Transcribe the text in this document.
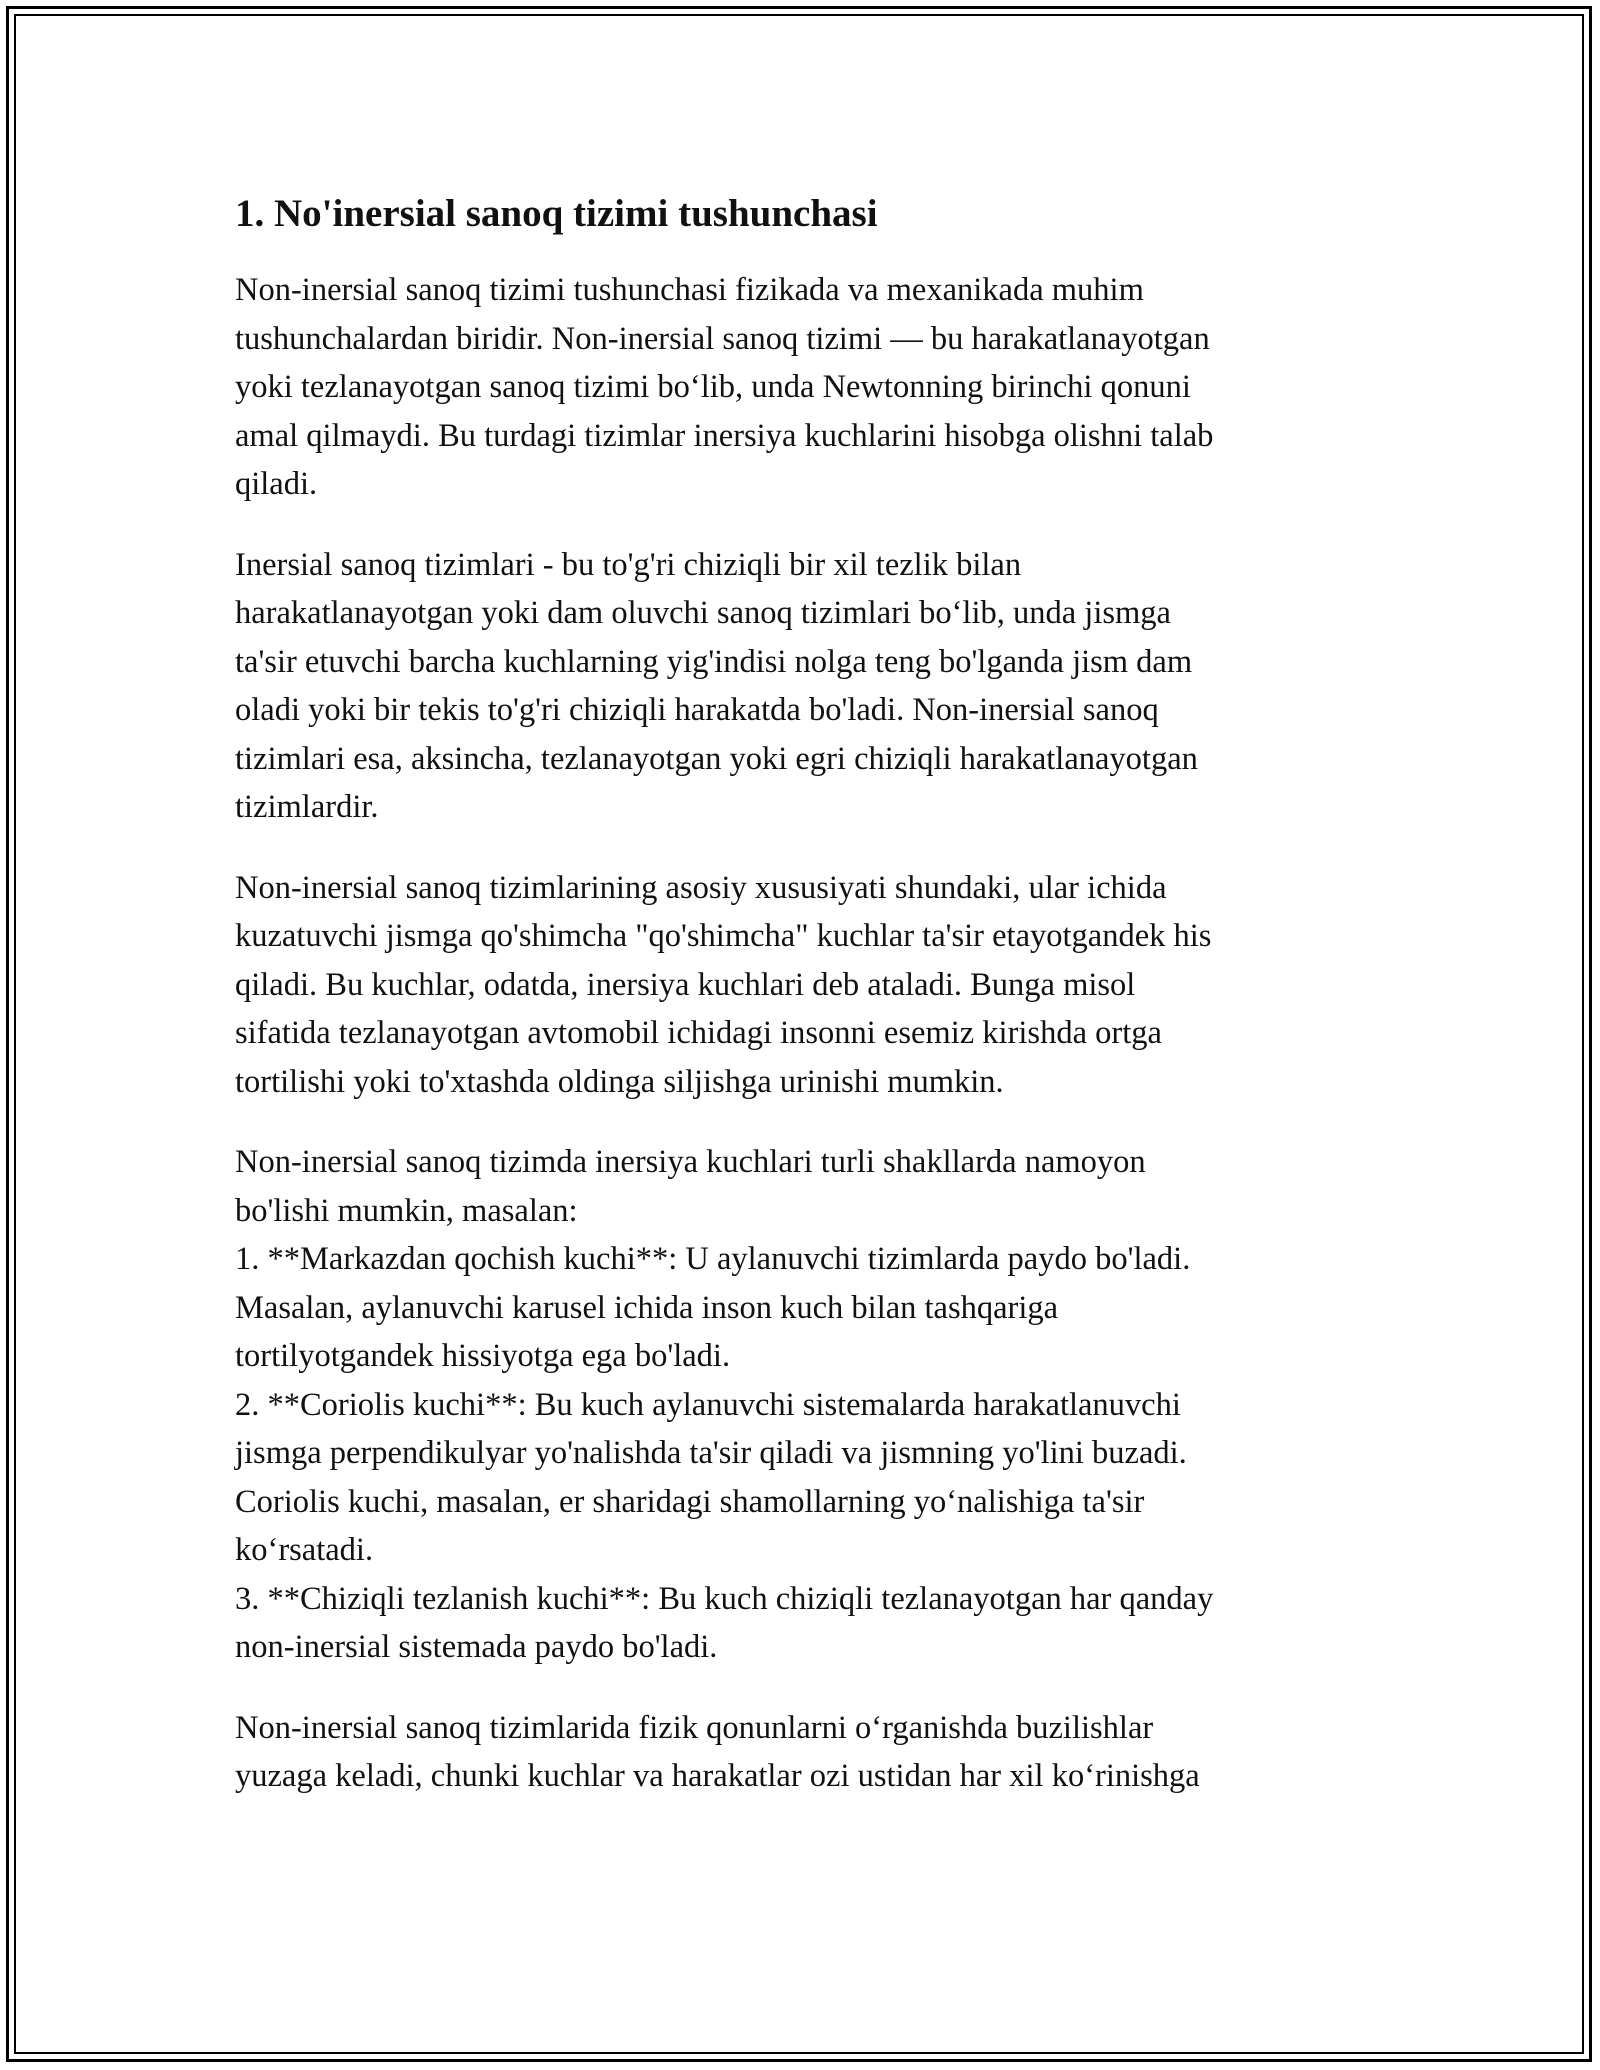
1. No'inersial sanoq tizimi tushunchasi

Non-inersial sanoq tizimi tushunchasi fizikada va mexanikada muhim
tushunchalardan biridir. Non-inersial sanoq tizimi — bu harakatlanayotgan
yoki tezlanayotgan sanoq tizimi bo‘lib, unda Newtonning birinchi qonuni
amal qilmaydi. Bu turdagi tizimlar inersiya kuchlarini hisobga olishni talab
qiladi.

Inersial sanoq tizimlari - bu to'g'ri chiziqli bir xil tezlik bilan
harakatlanayotgan yoki dam oluvchi sanoq tizimlari bo‘lib, unda jismga
ta'sir etuvchi barcha kuchlarning yig'indisi nolga teng bo'lganda jism dam
oladi yoki bir tekis to'g'ri chiziqli harakatda bo'ladi. Non-inersial sanoq
tizimlari esa, aksincha, tezlanayotgan yoki egri chiziqli harakatlanayotgan
tizimlardir.

Non-inersial sanoq tizimlarining asosiy xususiyati shundaki, ular ichida
kuzatuvchi jismga qo'shimcha "qo'shimcha" kuchlar ta'sir etayotgandek his
qiladi. Bu kuchlar, odatda, inersiya kuchlari deb ataladi. Bunga misol
sifatida tezlanayotgan avtomobil ichidagi insonni esemiz kirishda ortga
tortilishi yoki to'xtashda oldinga siljishga urinishi mumkin.

Non-inersial sanoq tizimda inersiya kuchlari turli shakllarda namoyon
bo'lishi mumkin, masalan:
1. **Markazdan qochish kuchi**: U aylanuvchi tizimlarda paydo bo'ladi.
Masalan, aylanuvchi karusel ichida inson kuch bilan tashqariga
tortilyotgandek hissiyotga ega bo'ladi.
2. **Coriolis kuchi**: Bu kuch aylanuvchi sistemalarda harakatlanuvchi
jismga perpendikulyar yo'nalishda ta'sir qiladi va jismning yo'lini buzadi.
Coriolis kuchi, masalan, er sharidagi shamollarning yo‘nalishiga ta'sir
ko‘rsatadi.
3. **Chiziqli tezlanish kuchi**: Bu kuch chiziqli tezlanayotgan har qanday
non-inersial sistemada paydo bo'ladi.

Non-inersial sanoq tizimlarida fizik qonunlarni o‘rganishda buzilishlar
yuzaga keladi, chunki kuchlar va harakatlar ozi ustidan har xil ko‘rinishga
